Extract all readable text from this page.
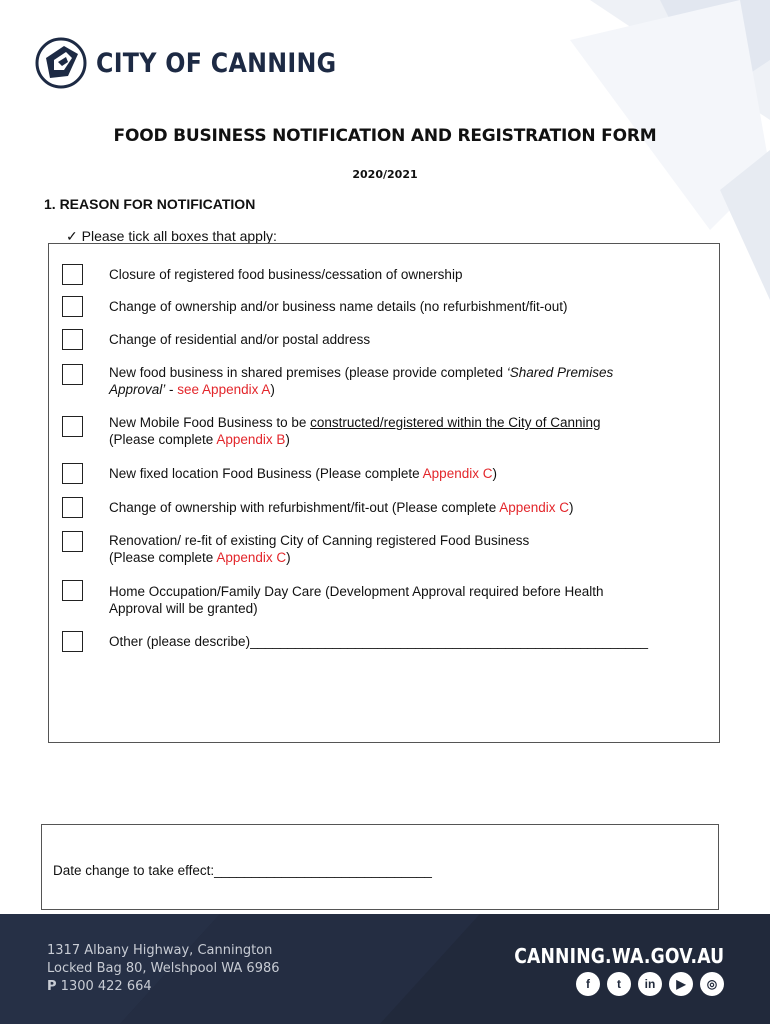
CITY OF CANNING
FOOD BUSINESS NOTIFICATION AND REGISTRATION FORM
2020/2021
1. REASON FOR NOTIFICATION
✓ Please tick all boxes that apply:
Closure of registered food business/cessation of ownership
Change of ownership and/or business name details (no refurbishment/fit-out)
Change of residential and/or postal address
New food business in shared premises (please provide completed ‘Shared Premises
Approval’ - see Appendix A)
New Mobile Food Business to be constructed/registered within the City of Canning
(Please complete Appendix B)
New fixed location Food Business (Please complete Appendix C)
Change of ownership with refurbishment/fit-out (Please complete Appendix C)
Renovation/ re-fit of existing City of Canning registered Food Business
(Please complete Appendix C)
Home Occupation/Family Day Care (Development Approval required before Health
Approval will be granted)
Other (please describe)_____________________________________________________
Date change to take effect:_____________________________
1317 Albany Highway, Cannington
Locked Bag 80, Welshpool WA 6986
P 1300 422 664
CANNING.WA.GOV.AU
f	t	in	▶	◎
